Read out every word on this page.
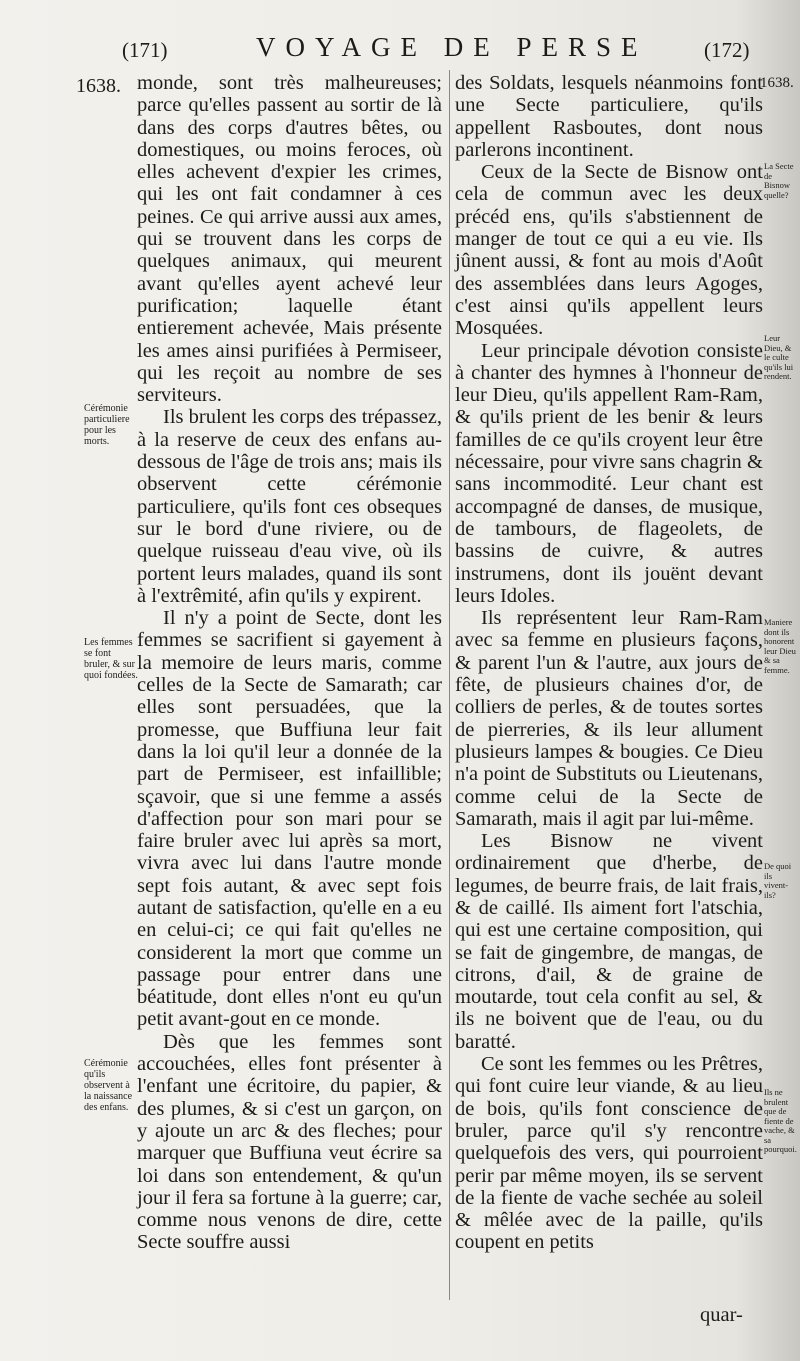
(171)	VOYAGE DE PERSE	(172)
1638.	1638.

monde, sont très malheureuses; parce qu'elles passent au sortir de là dans des corps d'autres bêtes, ou domestiques, ou moins feroces, où elles achevent d'expier les crimes, qui les ont fait condamner à ces peines. Ce qui arrive aussi aux ames, qui se trouvent dans les corps de quelques animaux, qui meurent avant qu'elles ayent achevé leur purification; laquelle étant entierement achevée, Mais présente les ames ainsi purifiées à Permiseer, qui les reçoit au nombre de ses serviteurs.

Ils brulent les corps des trépassez, à la reserve de ceux des enfans au-dessous de l'âge de trois ans; mais ils observent cette cérémonie particuliere, qu'ils font ces obseques sur le bord d'une riviere, ou de quelque ruisseau d'eau vive, où ils portent leurs malades, quand ils sont à l'extrêmité, afin qu'ils y expirent.

Il n'y a point de Secte, dont les femmes se sacrifient si gayement à la memoire de leurs maris, comme celles de la Secte de Samarath; car elles sont persuadées, que la promesse, que Buffiuna leur fait dans la loi qu'il leur a donnée de la part de Permiseer, est infaillible; sçavoir, que si une femme a assés d'affection pour son mari pour se faire bruler avec lui après sa mort, vivra avec lui dans l'autre monde sept fois autant, & avec sept fois autant de satisfaction, qu'elle en a eu en celui-ci; ce qui fait qu'elles ne considerent la mort que comme un passage pour entrer dans une béatitude, dont elles n'ont eu qu'un petit avant-gout en ce monde.

Dès que les femmes sont accouchées, elles font présenter à l'enfant une écritoire, du papier, & des plumes, & si c'est un garçon, on y ajoute un arc & des fleches; pour marquer que Buffiuna veut écrire sa loi dans son entendement, & qu'un jour il fera sa fortune à la guerre; car, comme nous venons de dire, cette Secte souffre aussi

des Soldats, lesquels néanmoins font une Secte particuliere, qu'ils appellent Rasboutes, dont nous parlerons incontinent.

Ceux de la Secte de Bisnow ont cela de commun avec les deux précéd ens, qu'ils s'abstiennent de manger de tout ce qui a eu vie. Ils jûnent aussi, & font au mois d'Août des assemblées dans leurs Agoges, c'est ainsi qu'ils appellent leurs Mosquées.

Leur principale dévotion consiste à chanter des hymnes à l'honneur de leur Dieu, qu'ils appellent Ram-Ram, & qu'ils prient de les benir & leurs familles de ce qu'ils croyent leur être nécessaire, pour vivre sans chagrin & sans incommodité. Leur chant est accompagné de danses, de musique, de tambours, de flageolets, de bassins de cuivre, & autres instrumens, dont ils jouënt devant leurs Idoles.

Ils représentent leur Ram-Ram avec sa femme en plusieurs façons, & parent l'un & l'autre, aux jours de fête, de plusieurs chaines d'or, de colliers de perles, & de toutes sortes de pierreries, & ils leur allument plusieurs lampes & bougies. Ce Dieu n'a point de Substituts ou Lieutenans, comme celui de la Secte de Samarath, mais il agit par lui-même.

Les Bisnow ne vivent ordinairement que d'herbe, de legumes, de beurre frais, de lait frais, & de caillé. Ils aiment fort l'atschia, qui est une certaine composition, qui se fait de gingembre, de mangas, de citrons, d'ail, & de graine de moutarde, tout cela confit au sel, & ils ne boivent que de l'eau, ou du baratté.

Ce sont les femmes ou les Prêtres, qui font cuire leur viande, & au lieu de bois, qu'ils font conscience de bruler, parce qu'il s'y rencontre quelquefois des vers, qui pourroient perir par même moyen, ils se servent de la fiente de vache sechée au soleil & mêlée avec de la paille, qu'ils coupent en petits

quar-
Cérémonie particuliere pour les morts.
Les femmes se font bruler, & sur quoi fondées.
Cérémonie qu'ils observent à la naissance des enfans.
La Secte de Bisnow quelle?
Leur Dieu, & le culte qu'ils lui rendent.
Maniere dont ils honorent leur Dieu & sa femme.
De quoi ils vivent-ils?
Ils ne brulent que de fiente de vache, & sa pourquoi.
